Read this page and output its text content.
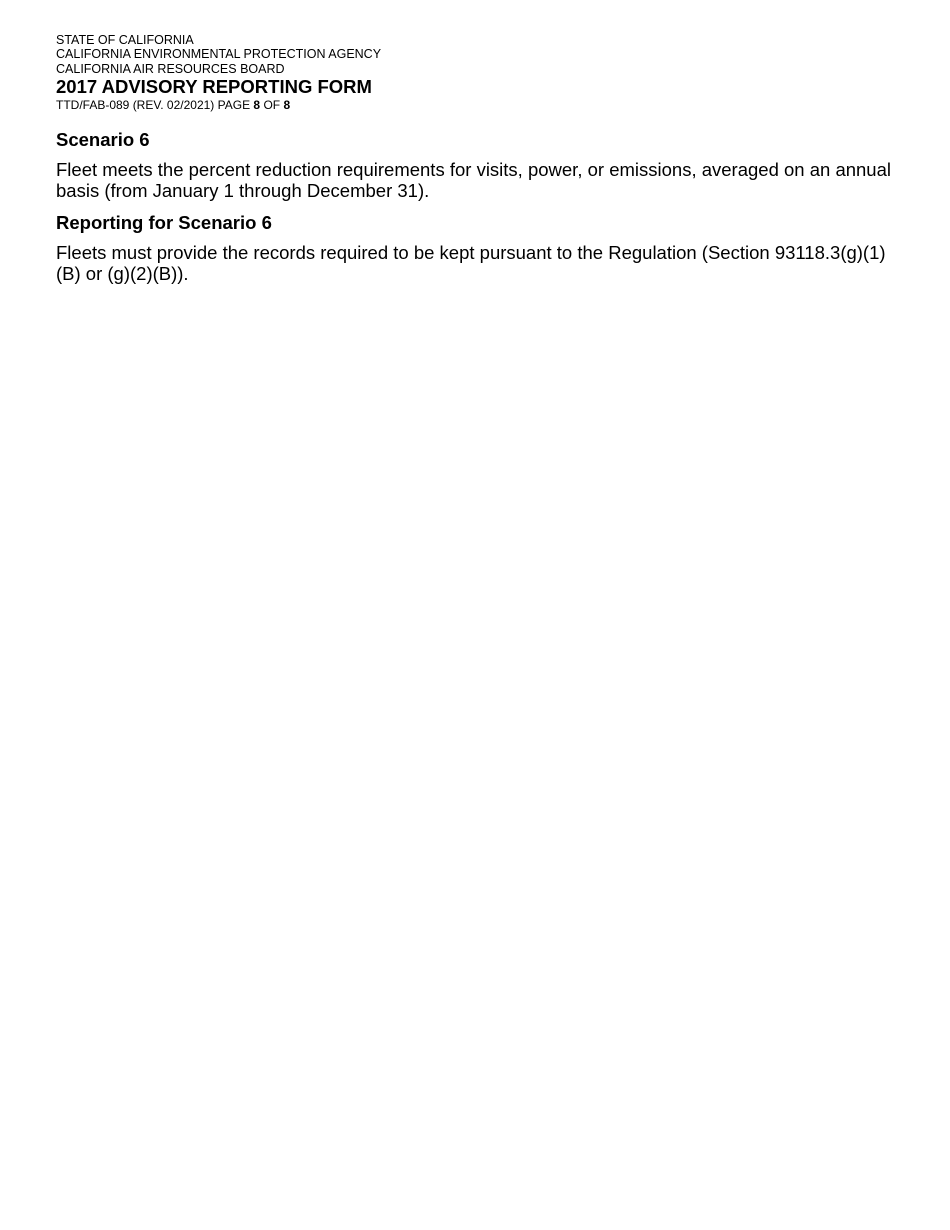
STATE OF CALIFORNIA

CALIFORNIA ENVIRONMENTAL PROTECTION AGENCY

CALIFORNIA AIR RESOURCES BOARD

2017 ADVISORY REPORTING FORM

TTD/FAB-089 (REV. 02/2021) PAGE 8 OF 8

Scenario 6

Fleet meets the percent reduction requirements for visits, power, or emissions, averaged on an annual basis (from January 1 through December 31).

Reporting for Scenario 6

Fleets must provide the records required to be kept pursuant to the Regulation (Section 93118.3(g)(1)(B) or (g)(2)(B)).
